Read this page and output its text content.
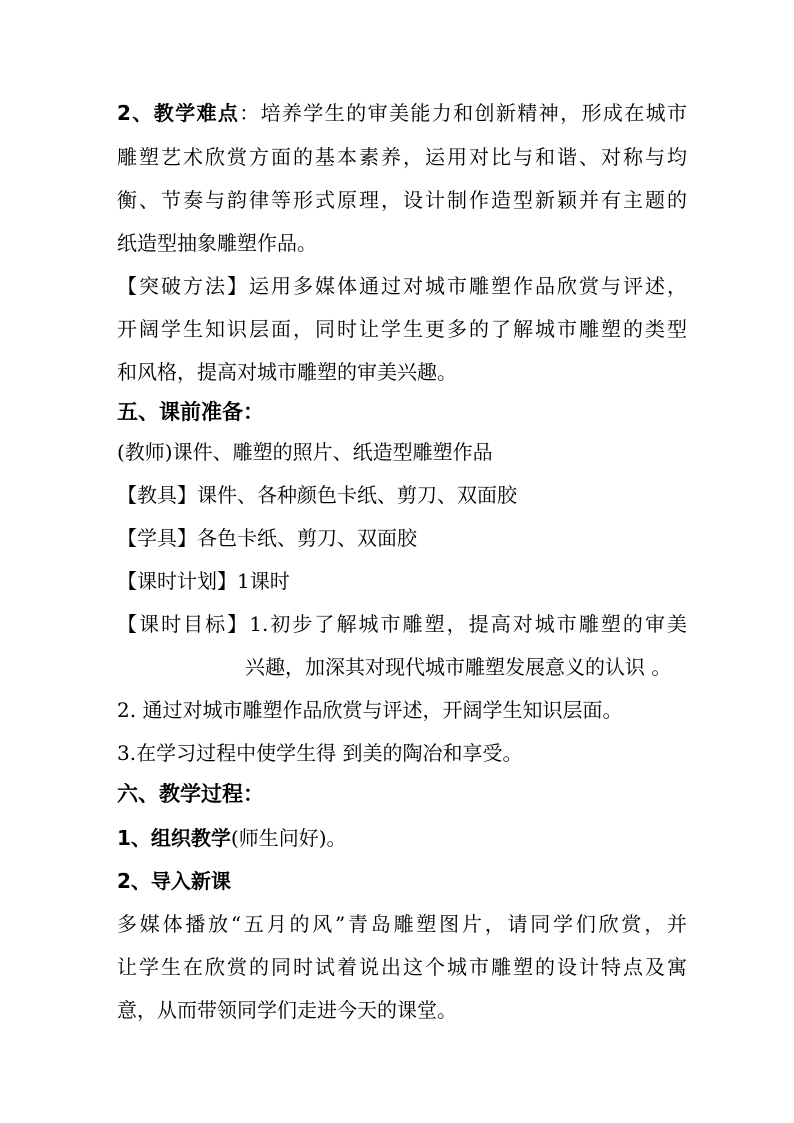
2、教学难点：培养学生的审美能力和创新精神，形成在城市
雕塑艺术欣赏方面的基本素养，运用对比与和谐、对称与均
衡、节奏与韵律等形式原理，设计制作造型新颖并有主题的
纸造型抽象雕塑作品。
【突破方法】运用多媒体通过对城市雕塑作品欣赏与评述，
开阔学生知识层面，同时让学生更多的了解城市雕塑的类型
和风格，提高对城市雕塑的审美兴趣。
五、课前准备：
(教师)课件、雕塑的照片、纸造型雕塑作品
【教具】课件、各种颜色卡纸、剪刀、双面胶
【学具】各色卡纸、剪刀、双面胶
【课时计划】1课时
【课时目标】1.初步了解城市雕塑，提高对城市雕塑的审美
兴趣，加深其对现代城市雕塑发展意义的认识 。
2. 通过对城市雕塑作品欣赏与评述，开阔学生知识层面。
3.在学习过程中使学生得 到美的陶冶和享受。
六、教学过程：
1、组织教学(师生问好)。
2、导入新课
多媒体播放“五月的风”青岛雕塑图片，请同学们欣赏，并
让学生在欣赏的同时试着说出这个城市雕塑的设计特点及寓
意，从而带领同学们走进今天的课堂。
